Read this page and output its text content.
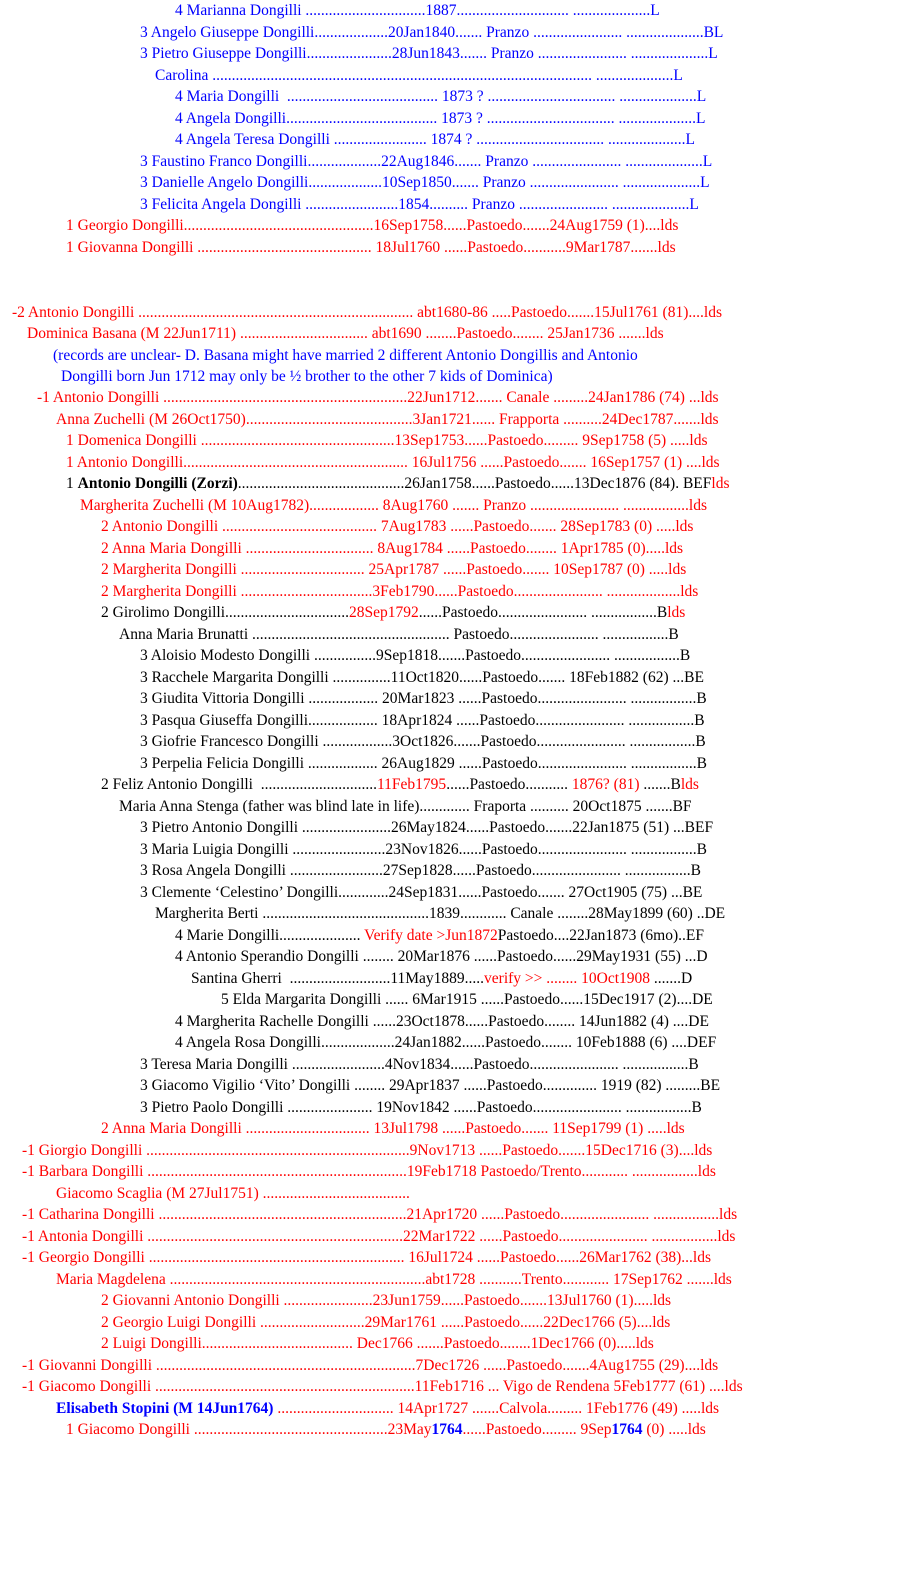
4 Marianna Dongilli ...............................1887............................. ....................L
3 Angelo Giuseppe Dongilli...................20Jan1840....... Pranzo ....................... ....................BL
3 Pietro Giuseppe Dongilli......................28Jun1843....... Pranzo ....................... ....................L
Carolina .................................................................................................. ....................L
4 Maria Dongilli  ....................................... 1873 ? ................................. ....................L
4 Angela Dongilli....................................... 1873 ? ................................. ....................L
4 Angela Teresa Dongilli ........................ 1874 ? ................................. ....................L
3 Faustino Franco Dongilli...................22Aug1846....... Pranzo ....................... ....................L
3 Danielle Angelo Dongilli...................10Sep1850....... Pranzo ....................... ....................L
3 Felicita Angela Dongilli ........................1854.......... Pranzo ....................... ....................L
1 Georgio Dongilli.................................................16Sep1758......Pastoedo.......24Aug1759 (1)....lds
1 Giovanna Dongilli ............................................. 18Jul1760 ......Pastoedo...........9Mar1787.......lds
-2 Antonio Dongilli ....................................................................... abt1680-86 .....Pastoedo.......15Jul1761 (81)....lds
Dominica Basana (M 22Jun1711) ................................. abt1690 ........Pastoedo........ 25Jan1736 .......lds
(records are unclear- D. Basana might have married 2 different Antonio Dongillis and Antonio
Dongilli born Jun 1712 may only be ½ brother to the other 7 kids of Dominica)
-1 Antonio Dongilli ...............................................................22Jun1712....... Canale .........24Jan1786 (74) ...lds
Anna Zuchelli (M 26Oct1750)...........................................3Jan1721...... Frapporta ..........24Dec1787.......lds
1 Domenica Dongilli ..................................................13Sep1753......Pastoedo......... 9Sep1758 (5) .....lds
1 Antonio Dongilli.......................................................... 16Jul1756 ......Pastoedo....... 16Sep1757 (1) ....lds
1 Antonio Dongilli (Zorzi)...........................................26Jan1758......Pastoedo......13Dec1876 (84). BEFlds
Margherita Zuchelli (M 10Aug1782).................. 8Aug1760 ....... Pranzo ....................... .................lds
2 Antonio Dongilli ........................................ 7Aug1783 ......Pastoedo....... 28Sep1783 (0) .....lds
2 Anna Maria Dongilli ................................. 8Aug1784 ......Pastoedo........ 1Apr1785 (0).....lds
2 Margherita Dongilli ................................ 25Apr1787 ......Pastoedo....... 10Sep1787 (0) .....lds
2 Margherita Dongilli ..................................3Feb1790......Pastoedo....................... ...................lds
2 Girolimo Dongilli................................28Sep1792......Pastoedo....................... .................Blds
Anna Maria Brunatti ................................................... Pastoedo....................... .................B
3 Aloisio Modesto Dongilli ................9Sep1818.......Pastoedo....................... .................B
3 Racchele Margarita Dongilli ...............11Oct1820......Pastoedo....... 18Feb1882 (62) ...BE
3 Giudita Vittoria Dongilli .................. 20Mar1823 ......Pastoedo....................... .................B
3 Pasqua Giuseffa Dongilli.................. 18Apr1824 ......Pastoedo....................... .................B
3 Giofrie Francesco Dongilli ..................3Oct1826.......Pastoedo....................... .................B
3 Perpelia Felicia Dongilli .................. 26Aug1829 ......Pastoedo....................... .................B
2 Feliz Antonio Dongilli  ..............................11Feb1795......Pastoedo........... 1876? (81) .......Blds
Maria Anna Stenga (father was blind late in life)............. Fraporta .......... 20Oct1875 .......BF
3 Pietro Antonio Dongilli .......................26May1824......Pastoedo.......22Jan1875 (51) ...BEF
3 Maria Luigia Dongilli ........................23Nov1826......Pastoedo....................... .................B
3 Rosa Angela Dongilli ........................27Sep1828......Pastoedo....................... .................B
3 Clemente ‘Celestino’ Dongilli.............24Sep1831......Pastoedo....... 27Oct1905 (75) ...BE
Margherita Berti ...........................................1839............ Canale ........28May1899 (60) ..DE
4 Marie Dongilli..................... Verify date >Jun1872Pastoedo....22Jan1873 (6mo)..EF
4 Antonio Sperandio Dongilli ........ 20Mar1876 ......Pastoedo......29May1931 (55) ...D
Santina Gherri  ..........................11May1889.....verify >> ........ 10Oct1908 .......D
5 Elda Margarita Dongilli ...... 6Mar1915 ......Pastoedo......15Dec1917 (2)....DE
4 Margherita Rachelle Dongilli ......23Oct1878......Pastoedo........ 14Jun1882 (4) ....DE
4 Angela Rosa Dongilli...................24Jan1882......Pastoedo........ 10Feb1888 (6) ....DEF
3 Teresa Maria Dongilli ........................4Nov1834......Pastoedo....................... .................B
3 Giacomo Vigilio ‘Vito’ Dongilli ........ 29Apr1837 ......Pastoedo.............. 1919 (82) .........BE
3 Pietro Paolo Dongilli ...................... 19Nov1842 ......Pastoedo....................... .................B
2 Anna Maria Dongilli ................................ 13Jul1798 ......Pastoedo....... 11Sep1799 (1) .....lds
-1 Giorgio Dongilli ....................................................................9Nov1713 ......Pastoedo.......15Dec1716 (3)....lds
-1 Barbara Dongilli ...................................................................19Feb1718 Pastoedo/Trento............ .................lds
Giacomo Scaglia (M 27Jul1751) ......................................
-1 Catharina Dongilli ................................................................21Apr1720 ......Pastoedo....................... .................lds
-1 Antonia Dongilli ..................................................................22Mar1722 ......Pastoedo....................... .................lds
-1 Georgio Dongilli .................................................................. 16Jul1724 ......Pastoedo......26Mar1762 (38)...lds
Maria Magdelena ..................................................................abt1728 ...........Trento............ 17Sep1762 .......lds
2 Giovanni Antonio Dongilli .......................23Jun1759......Pastoedo.......13Jul1760 (1).....lds
2 Georgio Luigi Dongilli ...........................29Mar1761 ......Pastoedo......22Dec1766 (5)....lds
2 Luigi Dongilli....................................... Dec1766 .......Pastoedo........1Dec1766 (0).....lds
-1 Giovanni Dongilli ...................................................................7Dec1726 ......Pastoedo.......4Aug1755 (29)....lds
-1 Giacomo Dongilli ...................................................................11Feb1716 ... Vigo de Rendena 5Feb1777 (61) ....lds
Elisabeth Stopini (M 14Jun1764) .............................. 14Apr1727 .......Calvola......... 1Feb1776 (49) .....lds
1 Giacomo Dongilli ..................................................23May1764......Pastoedo......... 9Sep1764 (0) .....lds
